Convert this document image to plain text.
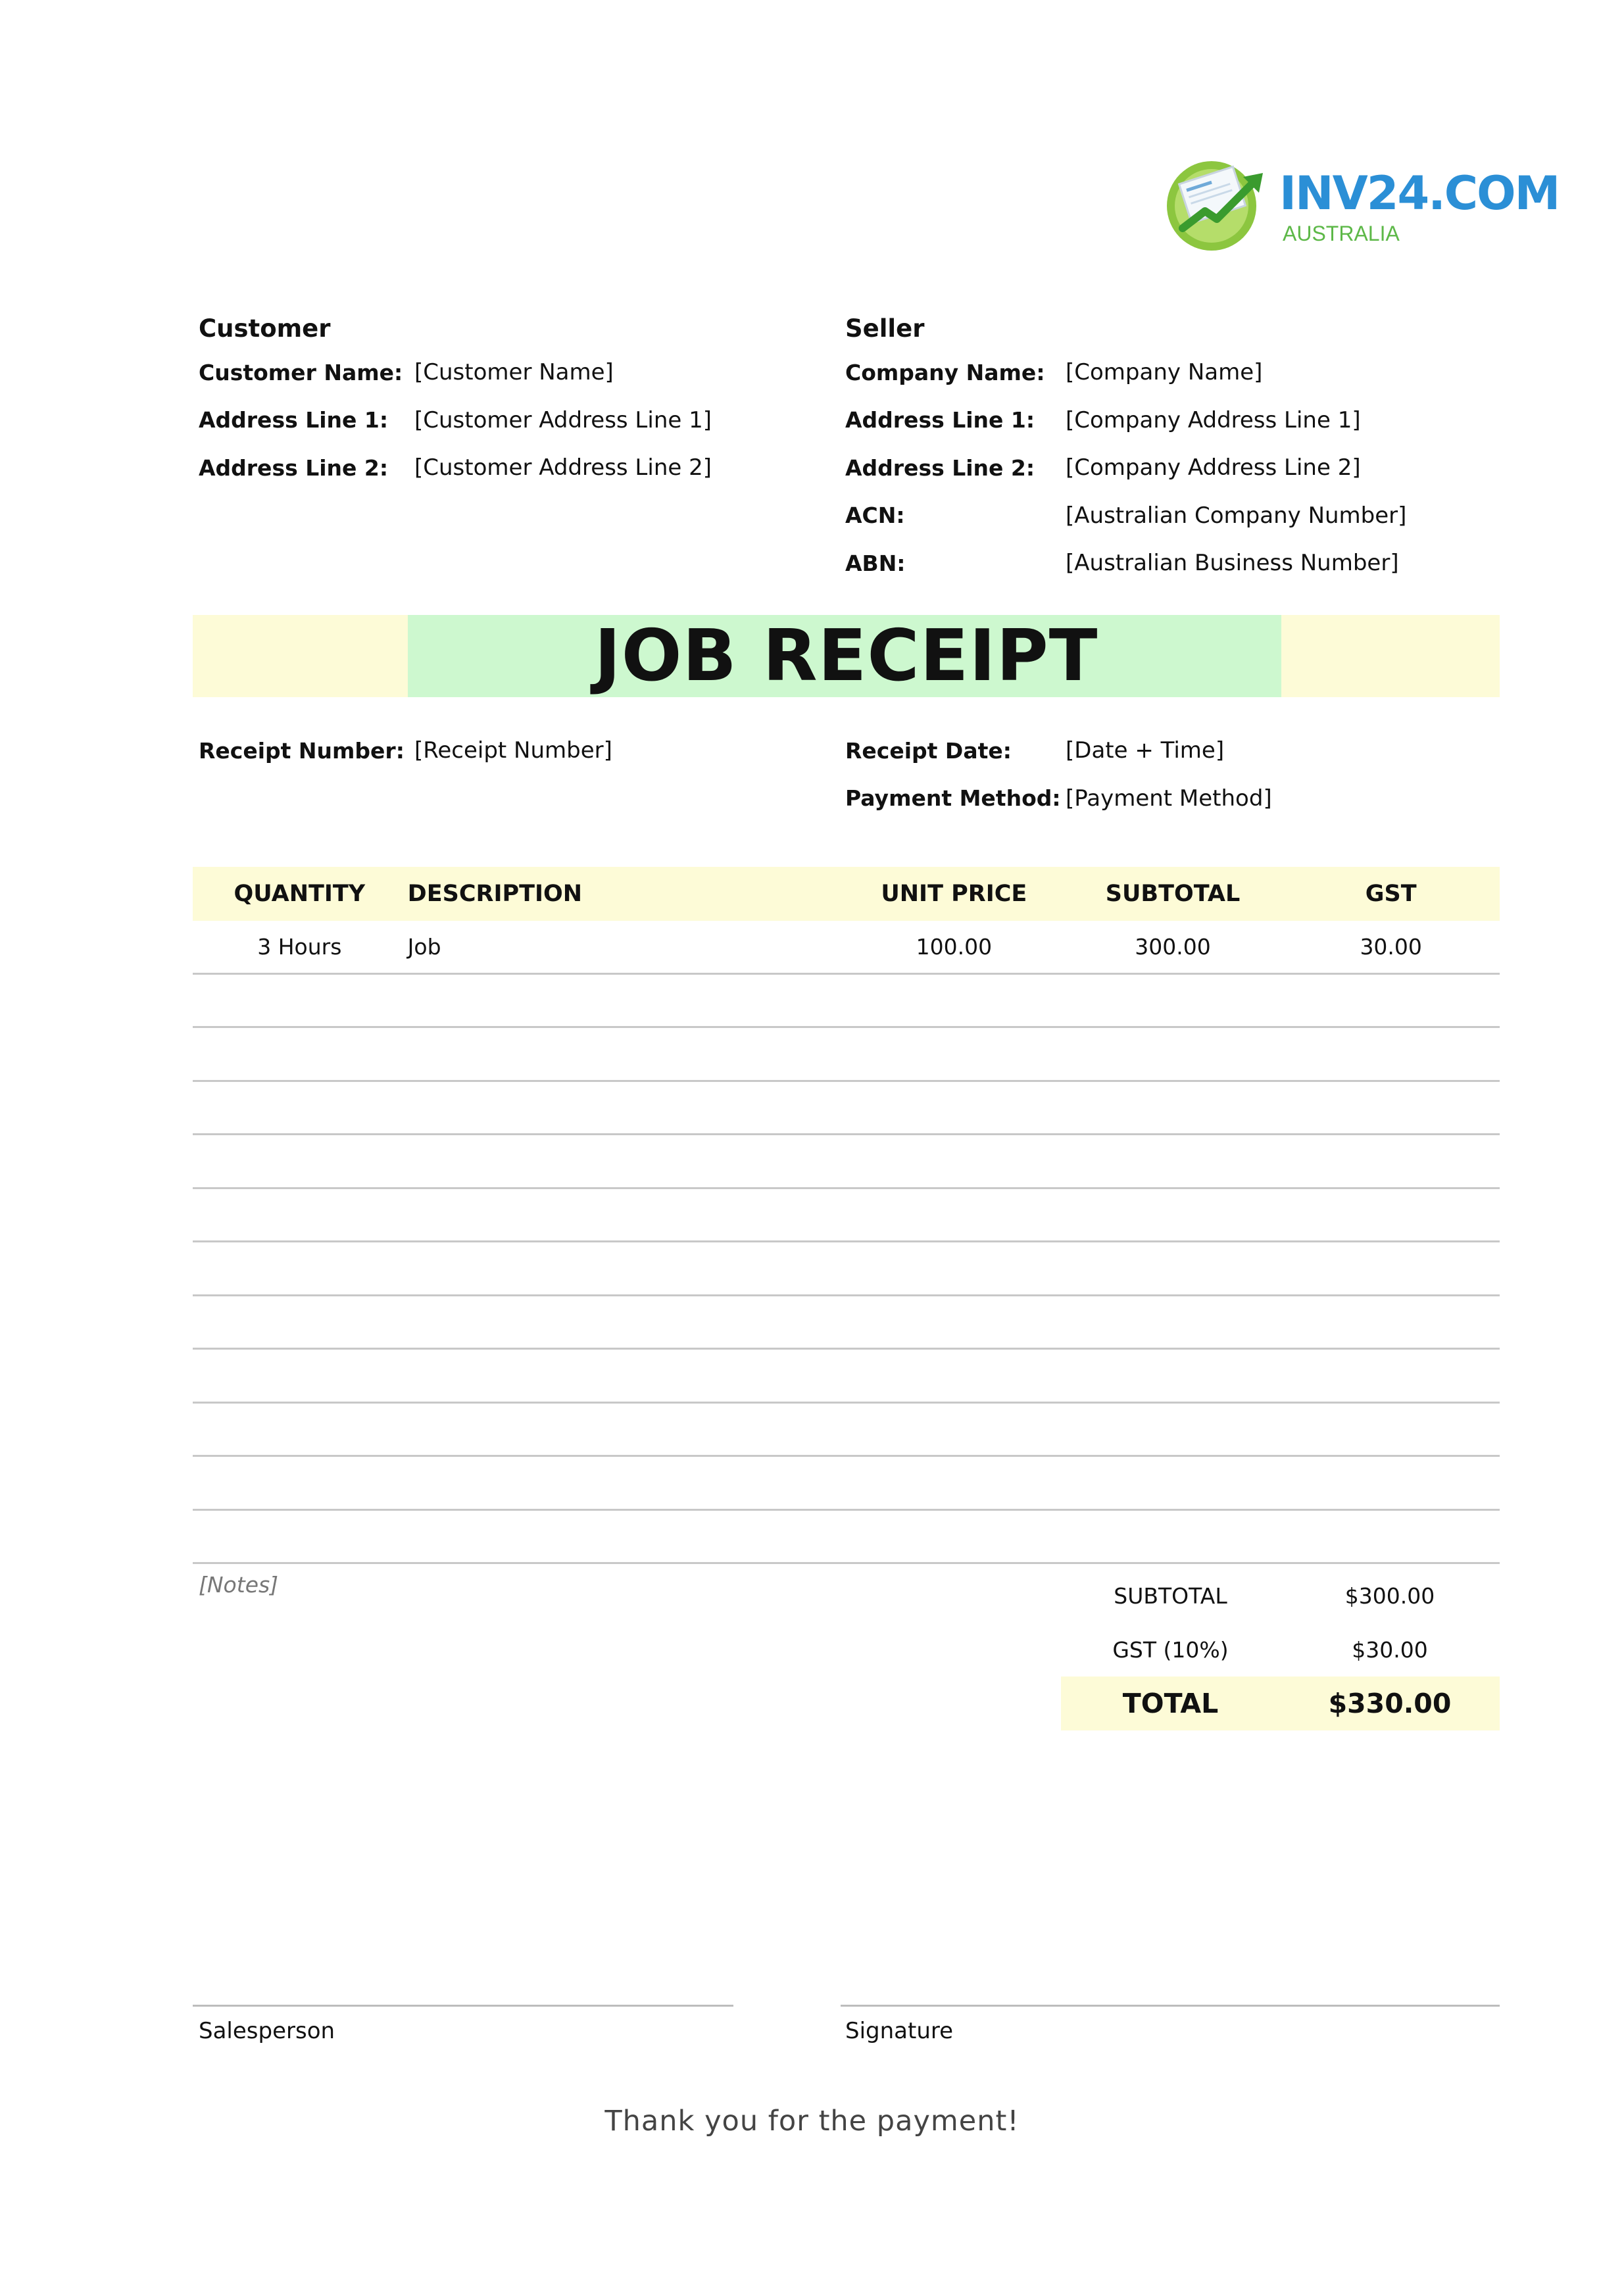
INV24.COM
AUSTRALIA
Customer
Customer Name: [Customer Name]
Address Line 1:	[Customer Address Line 1]
Address Line 2:	[Customer Address Line 2]
Seller
Company Name: [Company Name]
Address Line 1:	[Company Address Line 1]
Address Line 2:	[Company Address Line 2]
ACN:	[Australian Company Number]
ABN:	[Australian Business Number]
JOB RECEIPT
Receipt Number: [Receipt Number]	Receipt Date:	[Date + Time]
Payment Method: [Payment Method]
QUANTITY	DESCRIPTION	UNIT PRICE	SUBTOTAL	GST
3 Hours	Job	100.00	300.00	30.00
[Notes]	SUBTOTAL	$300.00
GST (10%)	$30.00
TOTAL	$330.00
Salesperson	Signature
Thank you for the payment!
